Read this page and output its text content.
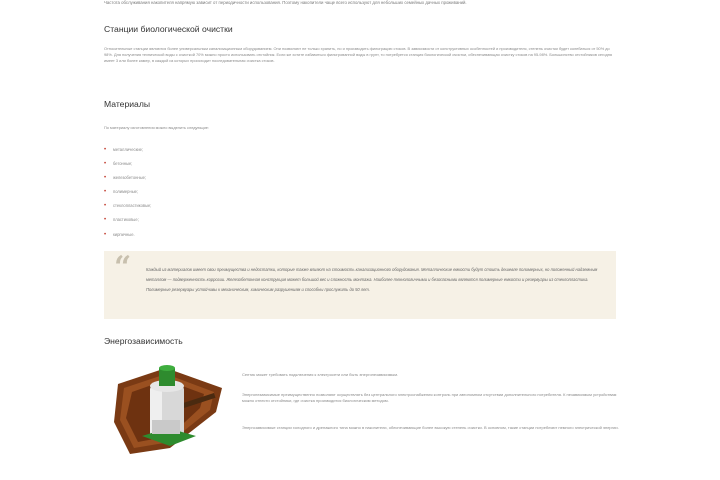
Частота обслуживания накопителя напрямую зависит от периодичности использования. Поэтому накопители чаще всего используют для небольших семейных дачных проживаний.
Станции биологической очистки
Относительные станции являются более универсальным канализационным оборудованием. Они позволяют не только хранить, но и производить фильтрацию стоков. В зависимости от конструктивных особенностей и производителя, степень очистки будет колебаться от 50% до 98%. Для получения технической воды с очисткой 70% можно просто использовать отстойник. Если же хотите избавиться фильтрованной воды в грунт, то потребуется станция биологической очистки, обеспечивающая очистку стоков на 95-98%. Большинство отстойников сегодня имеет 3 или более камер, в каждой из которых происходит последовательная очистка стоков.
Материалы
По материалу изготовления можно выделить следующие:
• металлические;
• бетонные;
• железобетонные;
• полимерные;
• стеклопластиковые;
• пластиковые;
• кирпичные.
“	Каждый из материалов имеет свои преимущества и недостатки, которые также влияют на стоимость канализационного оборудования. Металлические емкости будут стоить дешевле полимерных, но положенный надземным металлом — подверженность коррозии. Железобетонная конструкция может большой вес и сложность монтажа. Наиболее технологичными и безопасными являются полимерные емкости и резервуары из стеклопластика. Полимерные резервуары устойчивы к механическим, химическим разрушениям и способны прослужить до 50 лет.
Энергозависимость
Септик может требовать подключения к электросети или быть энергонезависимым.
Энергонезависимые преимущественно позволяют осуществлять без центрального электроснабжения контроль при автономном отсутствии дополнительного потребителя. К независимым устройствам можно отнести отстойники, где очистка производится биологическим методом.
Энергозависимые станции холодного и дренажного типа можно в накопители, обеспечивающие более высокую степень очистки. В основном, такие станции потребляют немного электрической энергии.
